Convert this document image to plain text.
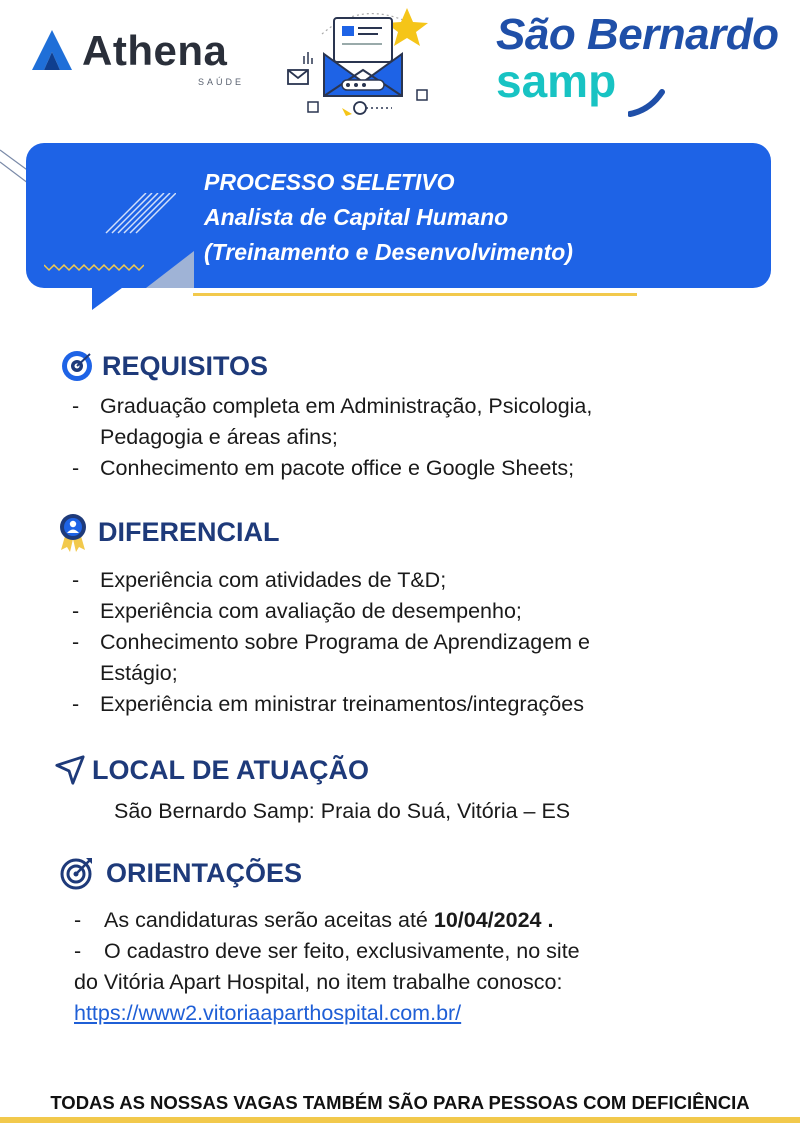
Athena
SAÚDE
São Bernardo
samp
PROCESSO SELETIVO
Analista de Capital Humano
(Treinamento e Desenvolvimento)
REQUISITOS
- Graduação completa em Administração, Psicologia, Pedagogia e áreas afins;
- Conhecimento em pacote office e Google Sheets;
DIFERENCIAL
- Experiência com atividades de T&D;
- Experiência com avaliação de desempenho;
- Conhecimento sobre Programa de Aprendizagem e Estágio;
- Experiência em ministrar treinamentos/integrações
LOCAL DE ATUAÇÃO
São Bernardo Samp: Praia do Suá, Vitória – ES
ORIENTAÇÕES
- As candidaturas serão aceitas até 10/04/2024 .
- O cadastro deve ser feito, exclusivamente, no site
do Vitória Apart Hospital, no item trabalhe conosco:
https://www2.vitoriaaparthospital.com.br/
TODAS AS NOSSAS VAGAS TAMBÉM SÃO PARA PESSOAS COM DEFICIÊNCIA
